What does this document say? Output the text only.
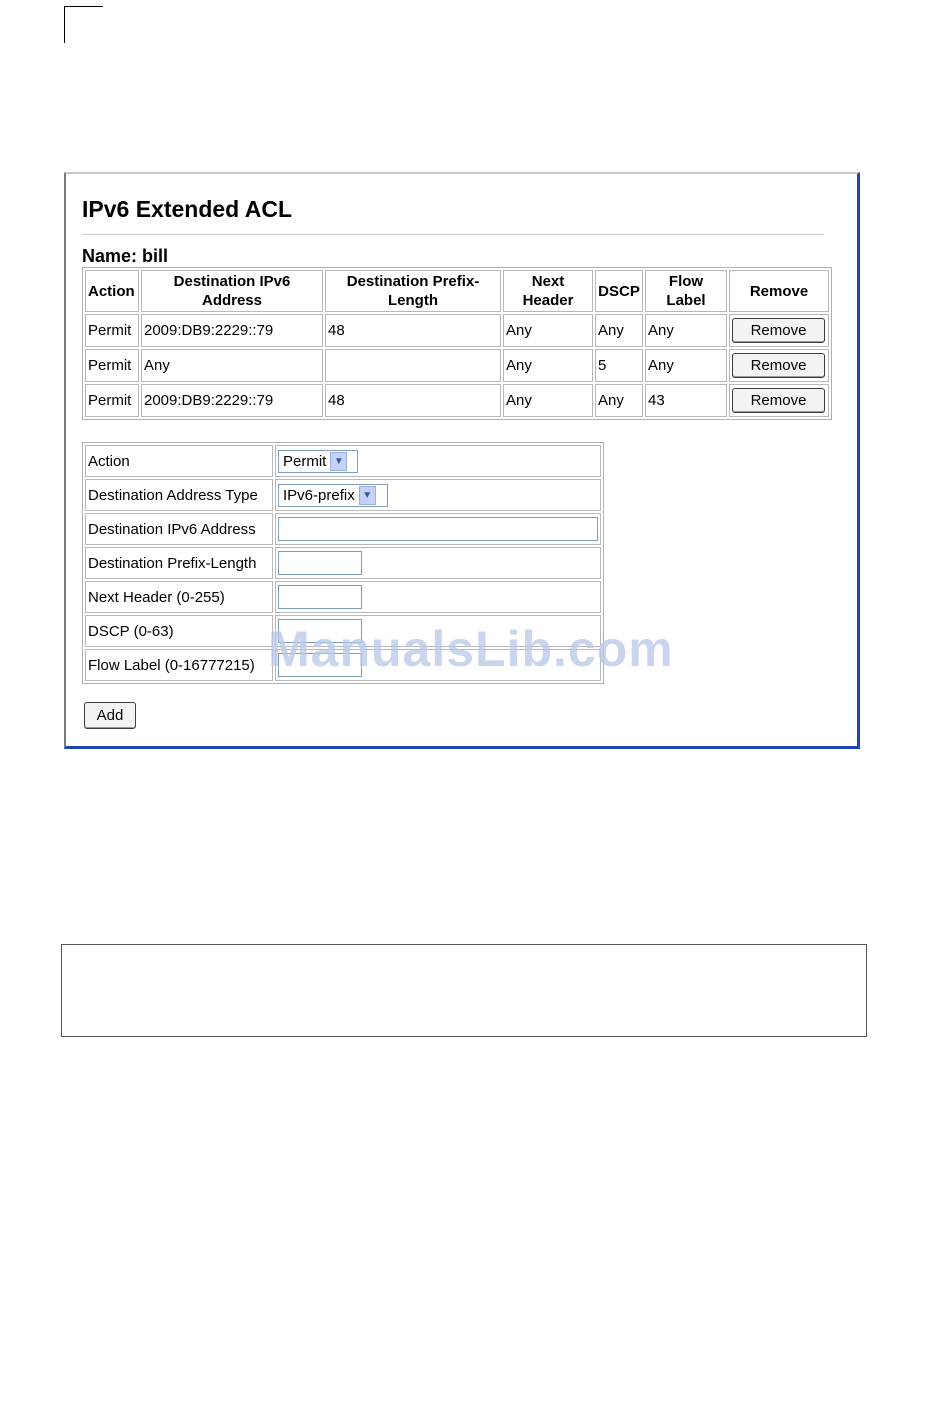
IPv6 Extended ACL
Name: bill
Action	Destination IPv6 Address	Destination Prefix-Length	Next Header	DSCP	Flow Label	Remove
Permit	2009:DB9:2229::79	48	Any	Any	Any	Remove
Permit	Any		Any	5	Any	Remove
Permit	2009:DB9:2229::79	48	Any	Any	43	Remove
Action	Permit ▼

Destination Address Type	IPv6-prefix ▼

Destination IPv6 Address	
Destination Prefix-Length	
Next Header (0-255)	
DSCP (0-63)	
Flow Label (0-16777215)	
Add
ManualsLib.com
